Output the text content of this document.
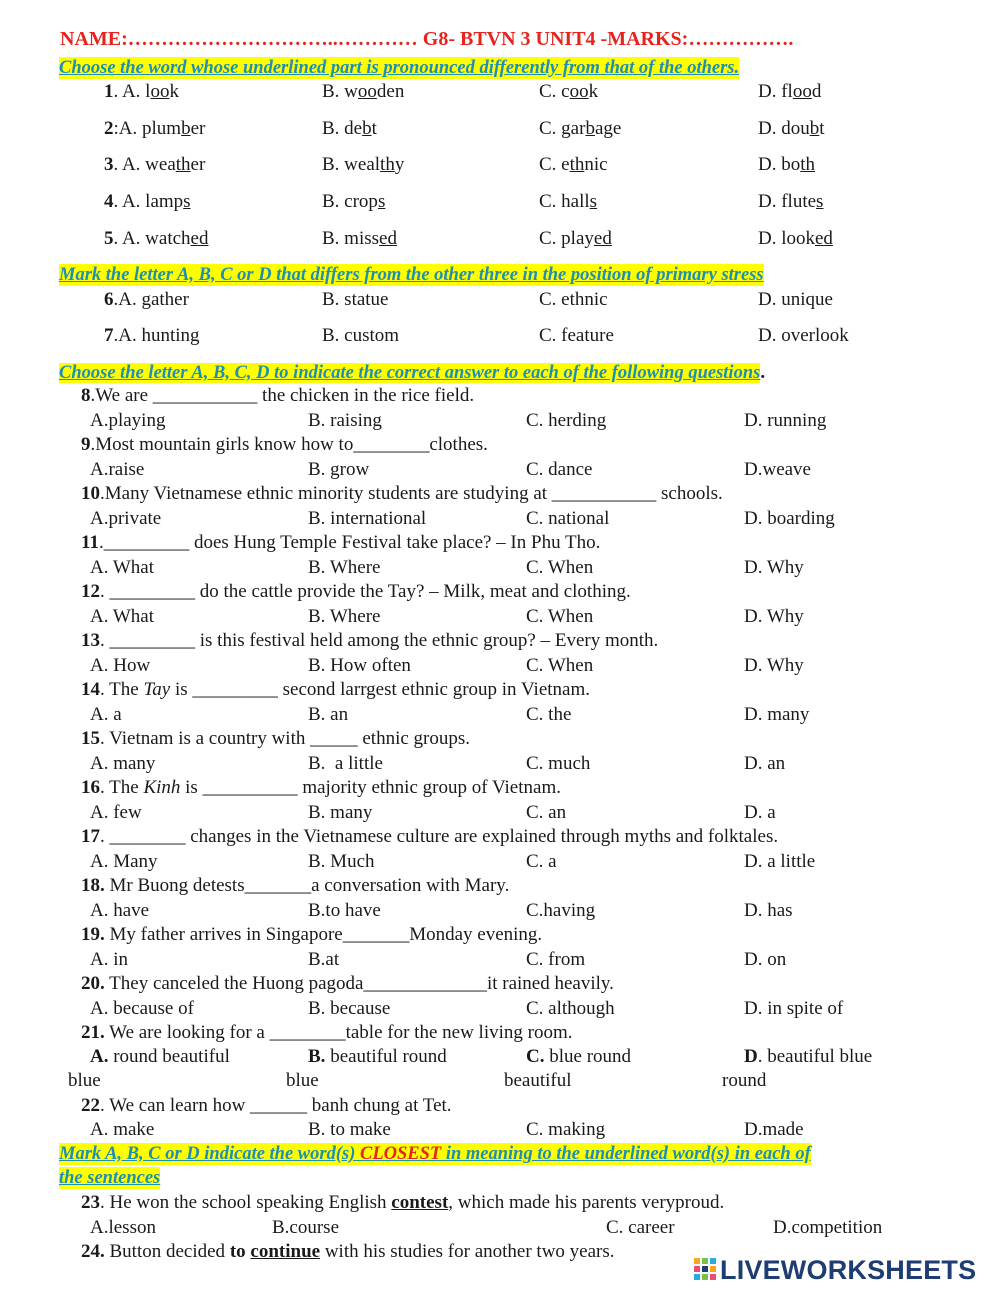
NAME:…………………………..………… G8- BTVN 3 UNIT4 -MARKS:…………….
Choose the word whose underlined part is pronounced differently from that of the others.
1. A. look	B. wooden	C. cook	D. flood
2:A. plumber	B. debt	C. garbage	D. doubt
3. A. weather	B. wealthy	C. ethnic	D. both
4. A. lamps	B. crops	C. halls	D. flutes
5. A. watched	B. missed	C. played	D. looked
Mark the letter A, B, C or D that differs from the other three in the position of primary stress
6.A. gather	B. statue	C. ethnic	D. unique
7.A. hunting	B. custom	C. feature	D. overlook
Choose the letter A, B, C, D to indicate the correct answer to each of the following questions.
8.We are ___________ the chicken in the rice field.
A.playing	B. raising	C. herding	D. running
9.Most mountain girls know how to________clothes.
A.raise	B. grow	C. dance	D.weave
10.Many Vietnamese ethnic minority students are studying at ___________ schools.
A.private	B. international	C. national	D. boarding
11._________ does Hung Temple Festival take place? – In Phu Tho.
A. What	B. Where	C. When	D. Why
12. _________ do the cattle provide the Tay? – Milk, meat and clothing.
A. What	B. Where	C. When	D. Why
13. _________ is this festival held among the ethnic group? – Every month.
A. How	B. How often	C. When	D. Why
14. The Tay is _________ second larrgest ethnic group in Vietnam.
A. a	B. an	C. the	D. many
15. Vietnam is a country with _____ ethnic groups.
A. many	B.  a little	C. much	D. an
16. The Kinh is __________ majority ethnic group of Vietnam.
A. few	B. many	C. an	D. a
17. ________ changes in the Vietnamese culture are explained through myths and folktales.
A. Many	B. Much	C. a	D. a little
18. Mr Buong detests_______a conversation with Mary.
A. have	B.to have	C.having	D. has
19. My father arrives in Singapore_______Monday evening.
A. in	B.at	C. from	D. on
20. They canceled the Huong pagoda_____________it rained heavily.
A. because of	B. because	C. although	D. in spite of
21. We are looking for a ________table for the new living room.
A. round beautiful	B. beautiful round	C. blue round	D. beautiful blue
blue	blue	beautiful	round
22. We can learn how ______ banh chung at Tet.
A. make	B. to make	C. making	D.made
Mark A, B, C or D indicate the word(s) CLOSEST in meaning to the underlined word(s) in each of
the sentences
23. He won the school speaking English contest, which made his parents veryproud.
A.lesson	B.course	C. career	D.competition
24. Button decided to continue with his studies for another two years.
LIVEWORKSHEETS
